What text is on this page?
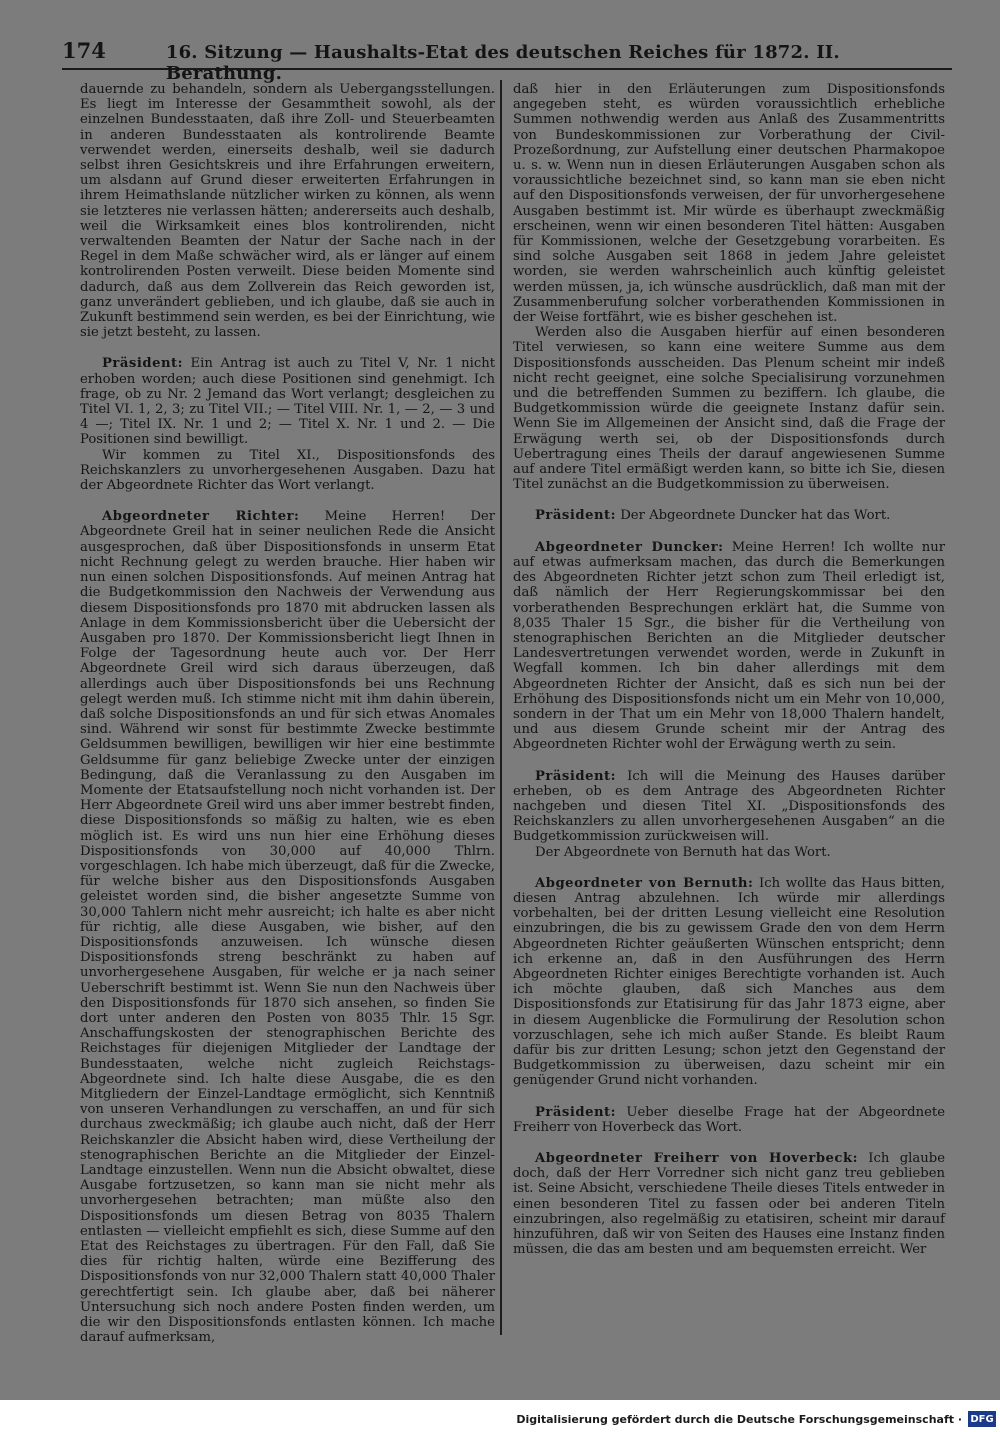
174	16. Sitzung — Haushalts-Etat des deutschen Reiches für 1872. II. Berathung.

dauernde zu behandeln, sondern als Uebergangsstellungen. Es liegt im Interesse der Gesammtheit sowohl, als der einzelnen Bundesstaaten, daß ihre Zoll- und Steuerbeamten in anderen Bundesstaaten als kontrolirende Beamte verwendet werden, einerseits deshalb, weil sie dadurch selbst ihren Gesichtskreis und ihre Erfahrungen erweitern, um alsdann auf Grund dieser erweiterten Erfahrungen in ihrem Heimathslande nützlicher wirken zu können, als wenn sie letzteres nie verlassen hätten; andererseits auch deshalb, weil die Wirksamkeit eines blos kontrolirenden, nicht verwaltenden Beamten der Natur der Sache nach in der Regel in dem Maße schwächer wird, als er länger auf einem kontrolirenden Posten verweilt. Diese beiden Momente sind dadurch, daß aus dem Zollverein das Reich geworden ist, ganz unverändert geblieben, und ich glaube, daß sie auch in Zukunft bestimmend sein werden, es bei der Einrichtung, wie sie jetzt besteht, zu lassen.

Präsident: Ein Antrag ist auch zu Titel V, Nr. 1 nicht erhoben worden; auch diese Positionen sind genehmigt. Ich frage, ob zu Nr. 2 Jemand das Wort verlangt; desgleichen zu Titel VI. 1, 2, 3; zu Titel VII.; — Titel VIII. Nr. 1, — 2, — 3 und 4 —; Titel IX. Nr. 1 und 2; — Titel X. Nr. 1 und 2. — Die Positionen sind bewilligt.

Wir kommen zu Titel XI., Dispositionsfonds des Reichskanzlers zu unvorhergesehenen Ausgaben. Dazu hat der Abgeordnete Richter das Wort verlangt.

Abgeordneter Richter: Meine Herren! Der Abgeordnete Greil hat in seiner neulichen Rede die Ansicht ausgesprochen, daß über Dispositionsfonds in unserm Etat nicht Rechnung gelegt zu werden brauche. Hier haben wir nun einen solchen Dispositionsfonds. Auf meinen Antrag hat die Budgetkommission den Nachweis der Verwendung aus diesem Dispositionsfonds pro 1870 mit abdrucken lassen als Anlage in dem Kommissionsbericht über die Uebersicht der Ausgaben pro 1870. Der Kommissionsbericht liegt Ihnen in Folge der Tagesordnung heute auch vor. Der Herr Abgeordnete Greil wird sich daraus überzeugen, daß allerdings auch über Dispositionsfonds bei uns Rechnung gelegt werden muß. Ich stimme nicht mit ihm dahin überein, daß solche Dispositionsfonds an und für sich etwas Anomales sind. Während wir sonst für bestimmte Zwecke bestimmte Geldsummen bewilligen, bewilligen wir hier eine bestimmte Geldsumme für ganz beliebige Zwecke unter der einzigen Bedingung, daß die Veranlassung zu den Ausgaben im Momente der Etatsaufstellung noch nicht vorhanden ist. Der Herr Abgeordnete Greil wird uns aber immer bestrebt finden, diese Dispositionsfonds so mäßig zu halten, wie es eben möglich ist. Es wird uns nun hier eine Erhöhung dieses Dispositionsfonds von 30,000 auf 40,000 Thlrn. vorgeschlagen. Ich habe mich überzeugt, daß für die Zwecke, für welche bisher aus den Dispositionsfonds Ausgaben geleistet worden sind, die bisher angesetzte Summe von 30,000 Tahlern nicht mehr ausreicht; ich halte es aber nicht für richtig, alle diese Ausgaben, wie bisher, auf den Dispositionsfonds anzuweisen. Ich wünsche diesen Dispositionsfonds streng beschränkt zu haben auf unvorhergesehene Ausgaben, für welche er ja nach seiner Ueberschrift bestimmt ist. Wenn Sie nun den Nachweis über den Dispositionsfonds für 1870 sich ansehen, so finden Sie dort unter anderen den Posten von 8035 Thlr. 15 Sgr. Anschaffungskosten der stenographischen Berichte des Reichstages für diejenigen Mitglieder der Landtage der Bundesstaaten, welche nicht zugleich Reichstags-Abgeordnete sind. Ich halte diese Ausgabe, die es den Mitgliedern der Einzel-Landtage ermöglicht, sich Kenntniß von unseren Verhandlungen zu verschaffen, an und für sich durchaus zweckmäßig; ich glaube auch nicht, daß der Herr Reichskanzler die Absicht haben wird, diese Vertheilung der stenographischen Berichte an die Mitglieder der Einzel-Landtage einzustellen. Wenn nun die Absicht obwaltet, diese Ausgabe fortzusetzen, so kann man sie nicht mehr als unvorhergesehen betrachten; man müßte also den Dispositionsfonds um diesen Betrag von 8035 Thalern entlasten — vielleicht empfiehlt es sich, diese Summe auf den Etat des Reichstages zu übertragen. Für den Fall, daß Sie dies für richtig halten, würde eine Bezifferung des Dispositionsfonds von nur 32,000 Thalern statt 40,000 Thaler gerechtfertigt sein. Ich glaube aber, daß bei näherer Untersuchung sich noch andere Posten finden werden, um die wir den Dispositionsfonds entlasten können. Ich mache darauf aufmerksam,

daß hier in den Erläuterungen zum Dispositionsfonds angegeben steht, es würden voraussichtlich erhebliche Summen nothwendig werden aus Anlaß des Zusammentritts von Bundeskommissionen zur Vorberathung der Civil-Prozeßordnung, zur Aufstellung einer deutschen Pharmakopoe u. s. w. Wenn nun in diesen Erläuterungen Ausgaben schon als voraussichtliche bezeichnet sind, so kann man sie eben nicht auf den Dispositionsfonds verweisen, der für unvorhergesehene Ausgaben bestimmt ist. Mir würde es überhaupt zweckmäßig erscheinen, wenn wir einen besonderen Titel hätten: Ausgaben für Kommissionen, welche der Gesetzgebung vorarbeiten. Es sind solche Ausgaben seit 1868 in jedem Jahre geleistet worden, sie werden wahrscheinlich auch künftig geleistet werden müssen, ja, ich wünsche ausdrücklich, daß man mit der Zusammenberufung solcher vorberathenden Kommissionen in der Weise fortfährt, wie es bisher geschehen ist.

Werden also die Ausgaben hierfür auf einen besonderen Titel verwiesen, so kann eine weitere Summe aus dem Dispositionsfonds ausscheiden. Das Plenum scheint mir indeß nicht recht geeignet, eine solche Specialisirung vorzunehmen und die betreffenden Summen zu beziffern. Ich glaube, die Budgetkommission würde die geeignete Instanz dafür sein. Wenn Sie im Allgemeinen der Ansicht sind, daß die Frage der Erwägung werth sei, ob der Dispositionsfonds durch Uebertragung eines Theils der darauf angewiesenen Summe auf andere Titel ermäßigt werden kann, so bitte ich Sie, diesen Titel zunächst an die Budgetkommission zu überweisen.

Präsident: Der Abgeordnete Duncker hat das Wort.

Abgeordneter Duncker: Meine Herren! Ich wollte nur auf etwas aufmerksam machen, das durch die Bemerkungen des Abgeordneten Richter jetzt schon zum Theil erledigt ist, daß nämlich der Herr Regierungskommissar bei den vorberathenden Besprechungen erklärt hat, die Summe von 8,035 Thaler 15 Sgr., die bisher für die Vertheilung von stenographischen Berichten an die Mitglieder deutscher Landesvertretungen verwendet worden, werde in Zukunft in Wegfall kommen. Ich bin daher allerdings mit dem Abgeordneten Richter der Ansicht, daß es sich nun bei der Erhöhung des Dispositionsfonds nicht um ein Mehr von 10,000, sondern in der That um ein Mehr von 18,000 Thalern handelt, und aus diesem Grunde scheint mir der Antrag des Abgeordneten Richter wohl der Erwägung werth zu sein.

Präsident: Ich will die Meinung des Hauses darüber erheben, ob es dem Antrage des Abgeordneten Richter nachgeben und diesen Titel XI. „Dispositionsfonds des Reichskanzlers zu allen unvorhergesehenen Ausgaben“ an die Budgetkommission zurückweisen will.

Der Abgeordnete von Bernuth hat das Wort.

Abgeordneter von Bernuth: Ich wollte das Haus bitten, diesen Antrag abzulehnen. Ich würde mir allerdings vorbehalten, bei der dritten Lesung vielleicht eine Resolution einzubringen, die bis zu gewissem Grade den von dem Herrn Abgeordneten Richter geäußerten Wünschen entspricht; denn ich erkenne an, daß in den Ausführungen des Herrn Abgeordneten Richter einiges Berechtigte vorhanden ist. Auch ich möchte glauben, daß sich Manches aus dem Dispositionsfonds zur Etatisirung für das Jahr 1873 eigne, aber in diesem Augenblicke die Formulirung der Resolution schon vorzuschlagen, sehe ich mich außer Stande. Es bleibt Raum dafür bis zur dritten Lesung; schon jetzt den Gegenstand der Budgetkommission zu überweisen, dazu scheint mir ein genügender Grund nicht vorhanden.

Präsident: Ueber dieselbe Frage hat der Abgeordnete Freiherr von Hoverbeck das Wort.

Abgeordneter Freiherr von Hoverbeck: Ich glaube doch, daß der Herr Vorredner sich nicht ganz treu geblieben ist. Seine Absicht, verschiedene Theile dieses Titels entweder in einen besonderen Titel zu fassen oder bei anderen Titeln einzubringen, also regelmäßig zu etatisiren, scheint mir darauf hinzuführen, daß wir von Seiten des Hauses eine Instanz finden müssen, die das am besten und am bequemsten erreicht. Wer

Digitalisierung gefördert durch die Deutsche Forschungsgemeinschaft · DFG
